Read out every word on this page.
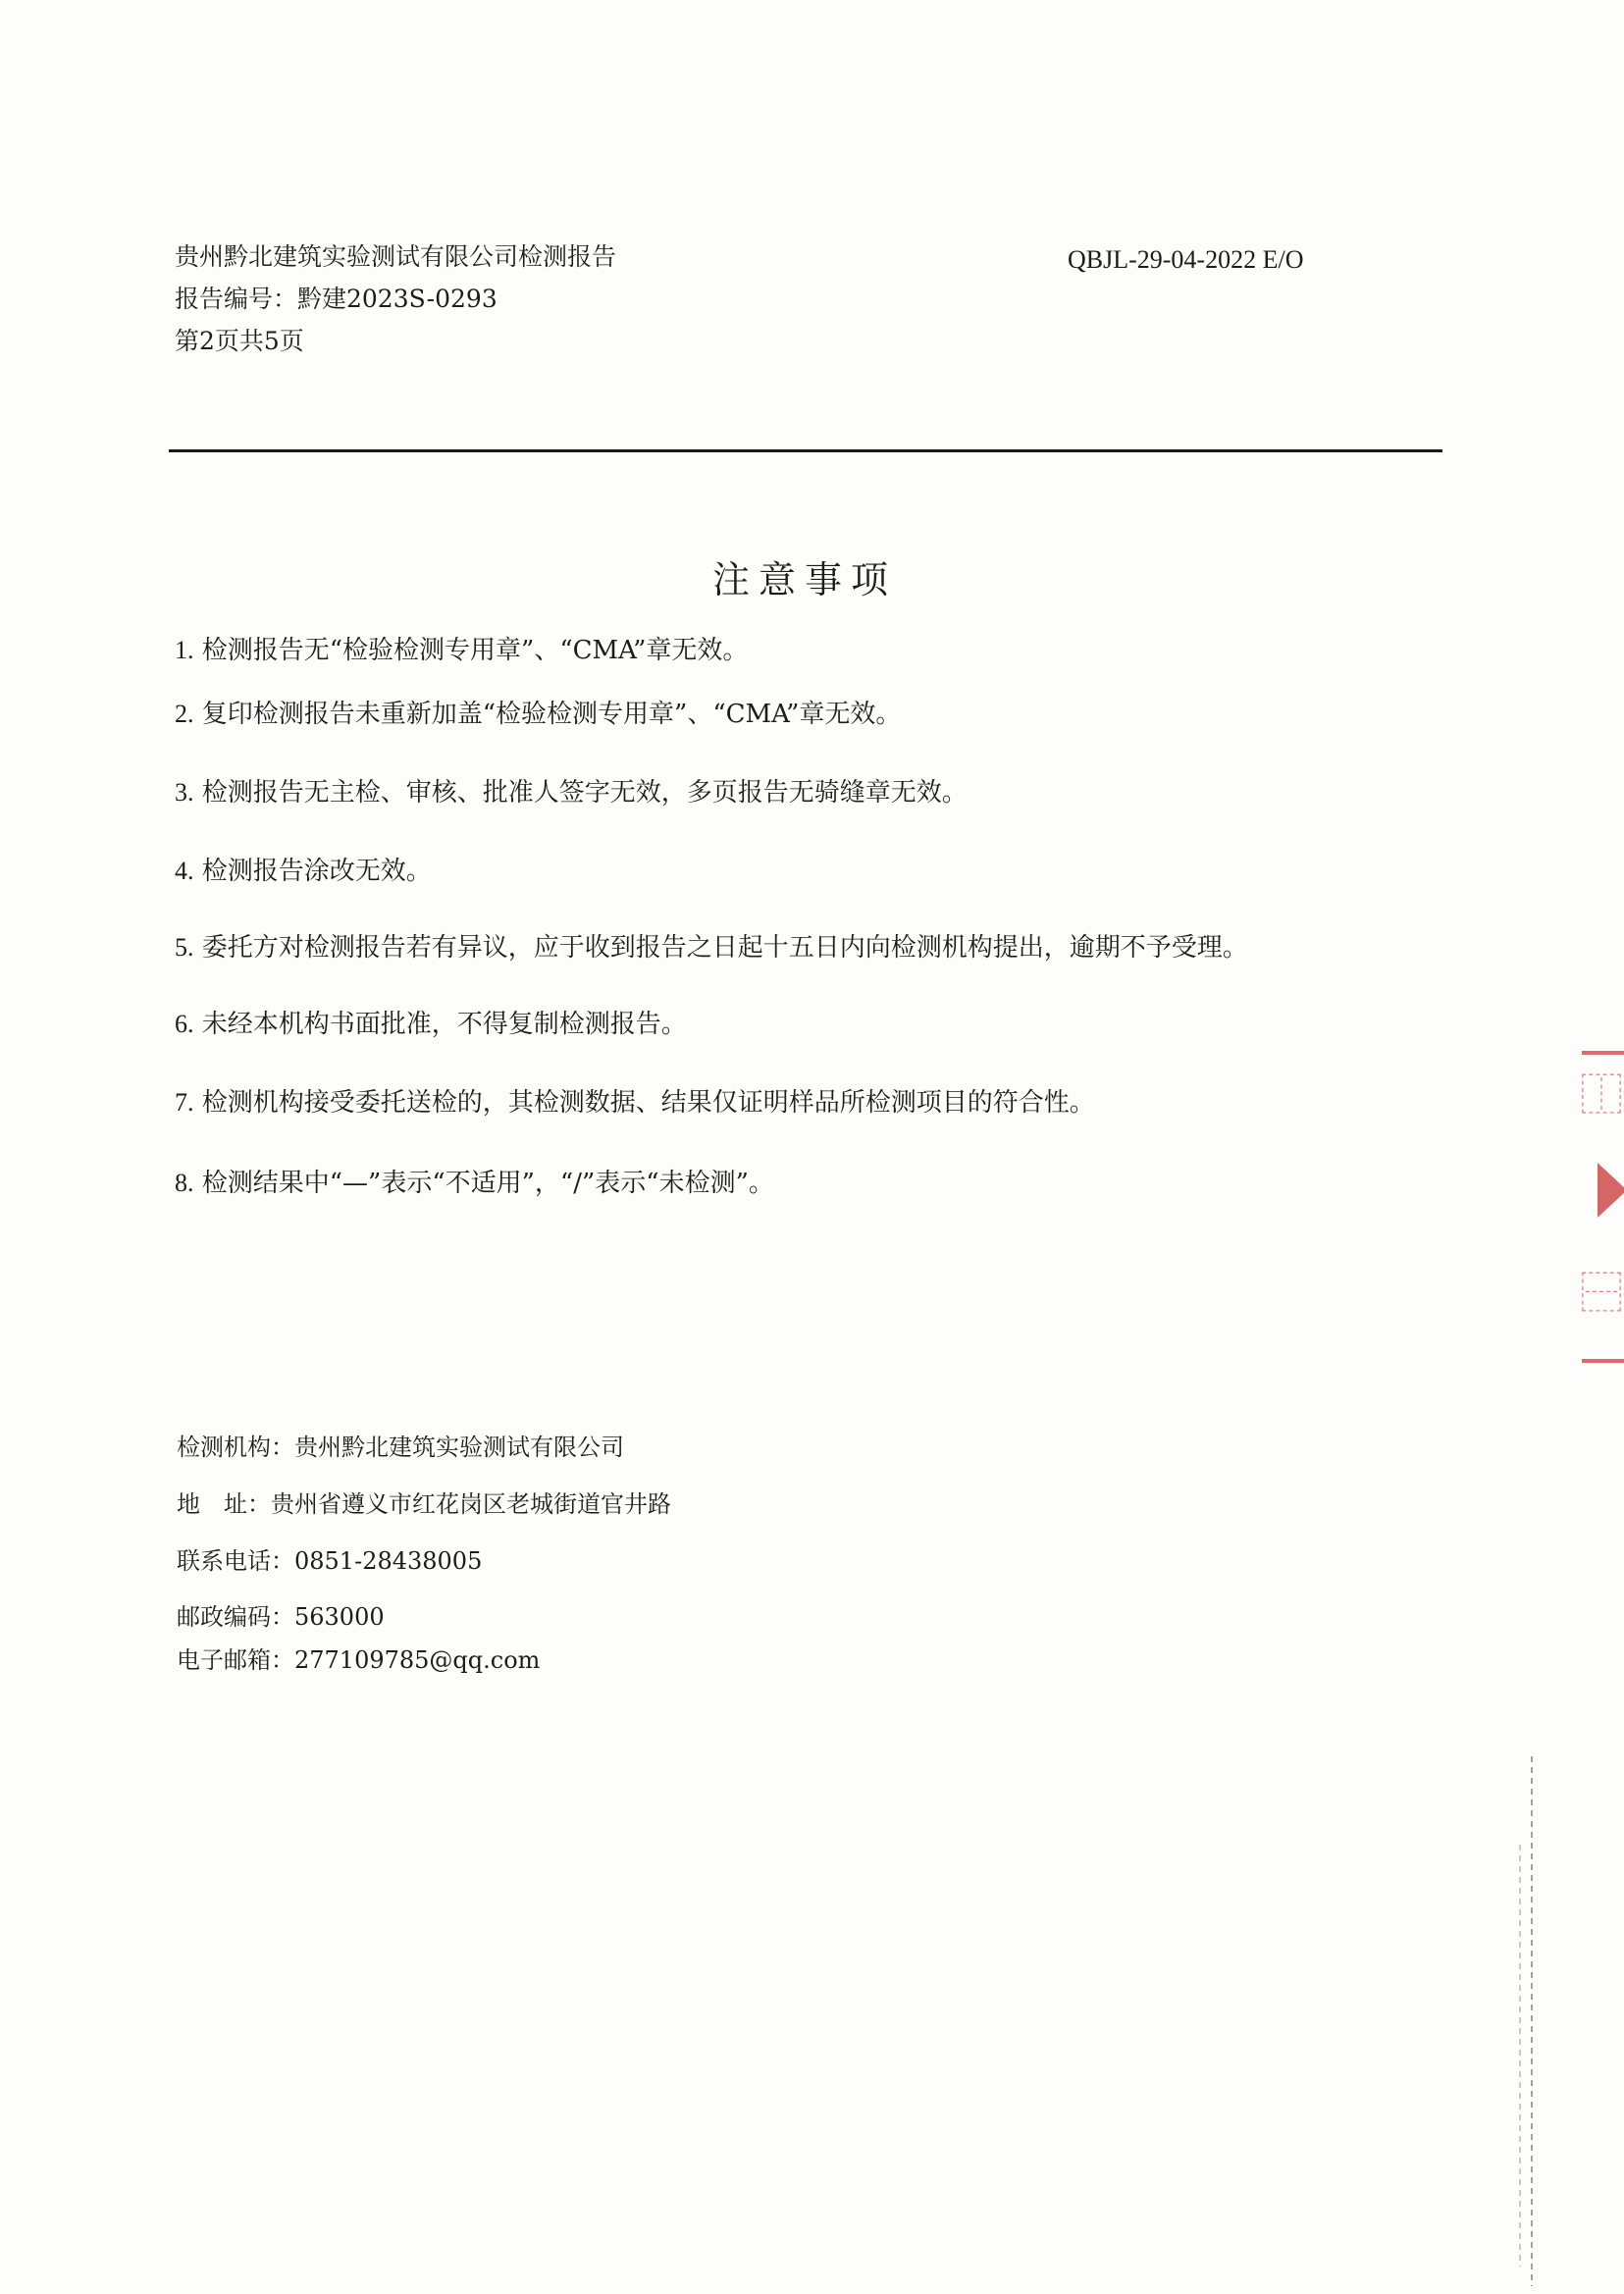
贵州黔北建筑实验测试有限公司检测报告	QBJL-29-04-2022 E/O
报告编号：黔建2023S-0293
第2页共5页
注意事项
1. 检测报告无“检验检测专用章”、“CMA”章无效。
2. 复印检测报告未重新加盖“检验检测专用章”、“CMA”章无效。
3. 检测报告无主检、审核、批准人签字无效，多页报告无骑缝章无效。
4. 检测报告涂改无效。
5. 委托方对检测报告若有异议，应于收到报告之日起十五日内向检测机构提出，逾期不予受理。
6. 未经本机构书面批准，不得复制检测报告。
7. 检测机构接受委托送检的，其检测数据、结果仅证明样品所检测项目的符合性。
8. 检测结果中“—”表示“不适用”，“/”表示“未检测”。
检测机构：贵州黔北建筑实验测试有限公司
地　址：贵州省遵义市红花岗区老城街道官井路
联系电话：0851-28438005
邮政编码：563000
电子邮箱：277109785@qq.com
⿰
⿱
